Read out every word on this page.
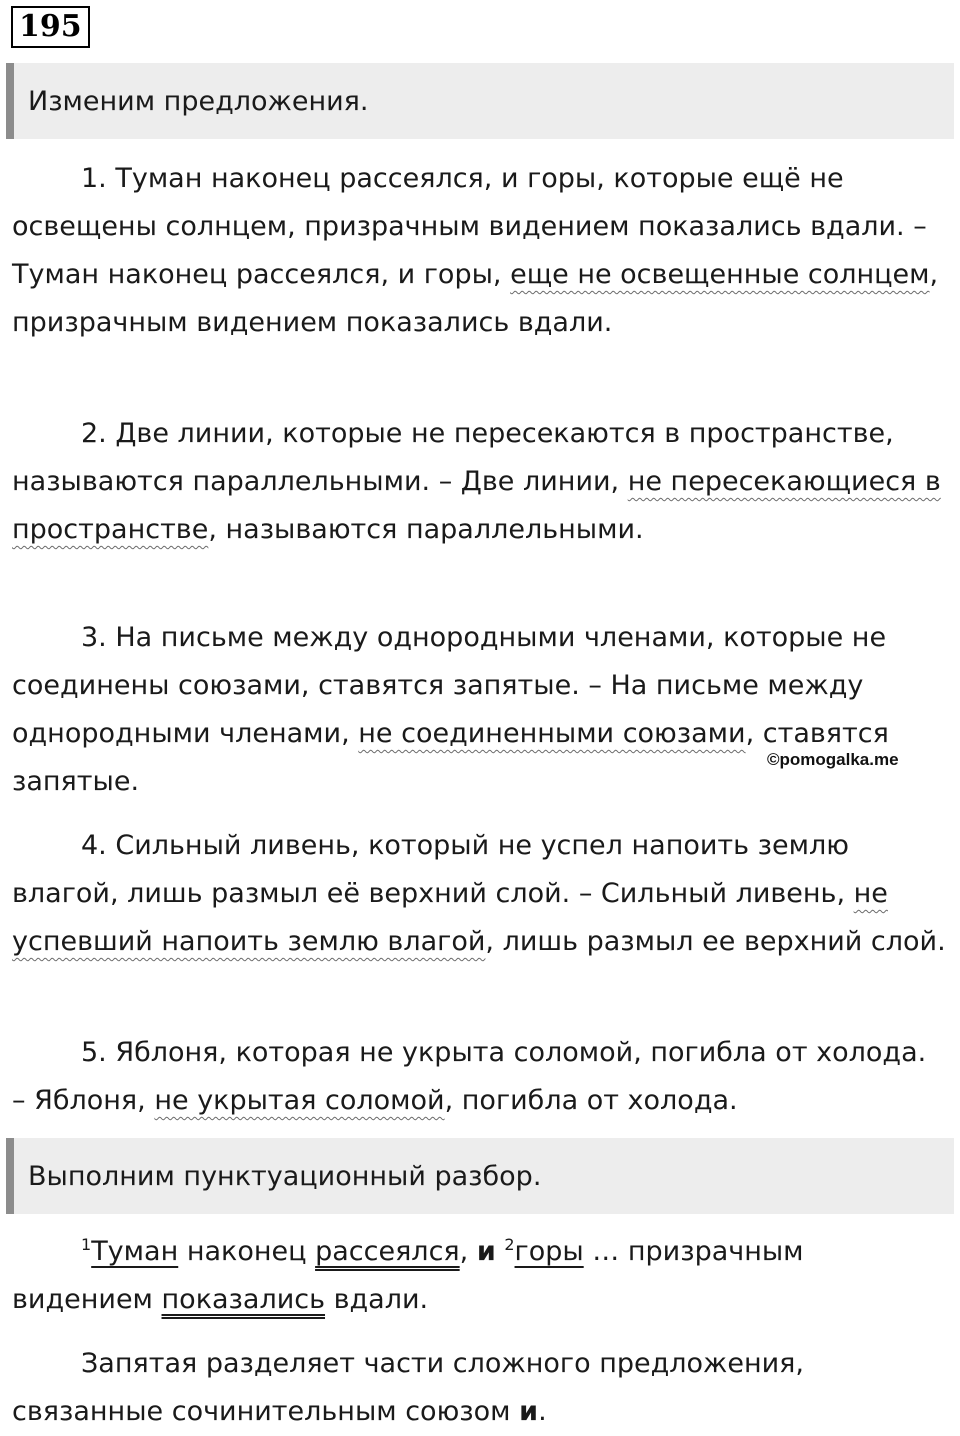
195
Изменим предложения.

1. Туман наконец рассеялся, и горы, которые ещё не освещены солнцем, призрачным видением показались вдали. – Туман наконец рассеялся, и горы, еще не освещенные солнцем, призрачным видением показались вдали.

2. Две линии, которые не пересекаются в пространстве, называются параллельными. – Две линии, не пересекающиеся в пространстве, называются параллельными.

3. На письме между однородными членами, которые не соединены союзами, ставятся запятые. – На письме между однородными членами, не соединенными союзами, ставятся запятые.

©pomogalka.me

4. Сильный ливень, который не успел напоить землю влагой, лишь размыл её верхний слой. – Сильный ливень, не успевший напоить землю влагой, лишь размыл ее верхний слой.

5. Яблоня, которая не укрыта соломой, погибла от холода. – Яблоня, не укрытая соломой, погибла от холода.

Выполним пунктуационный разбор.

$^1$Туман наконец рассеялся, и $^2$горы … призрачным видением показались вдали.

Запятая разделяет части сложного предложения, связанные сочинительным союзом и.
